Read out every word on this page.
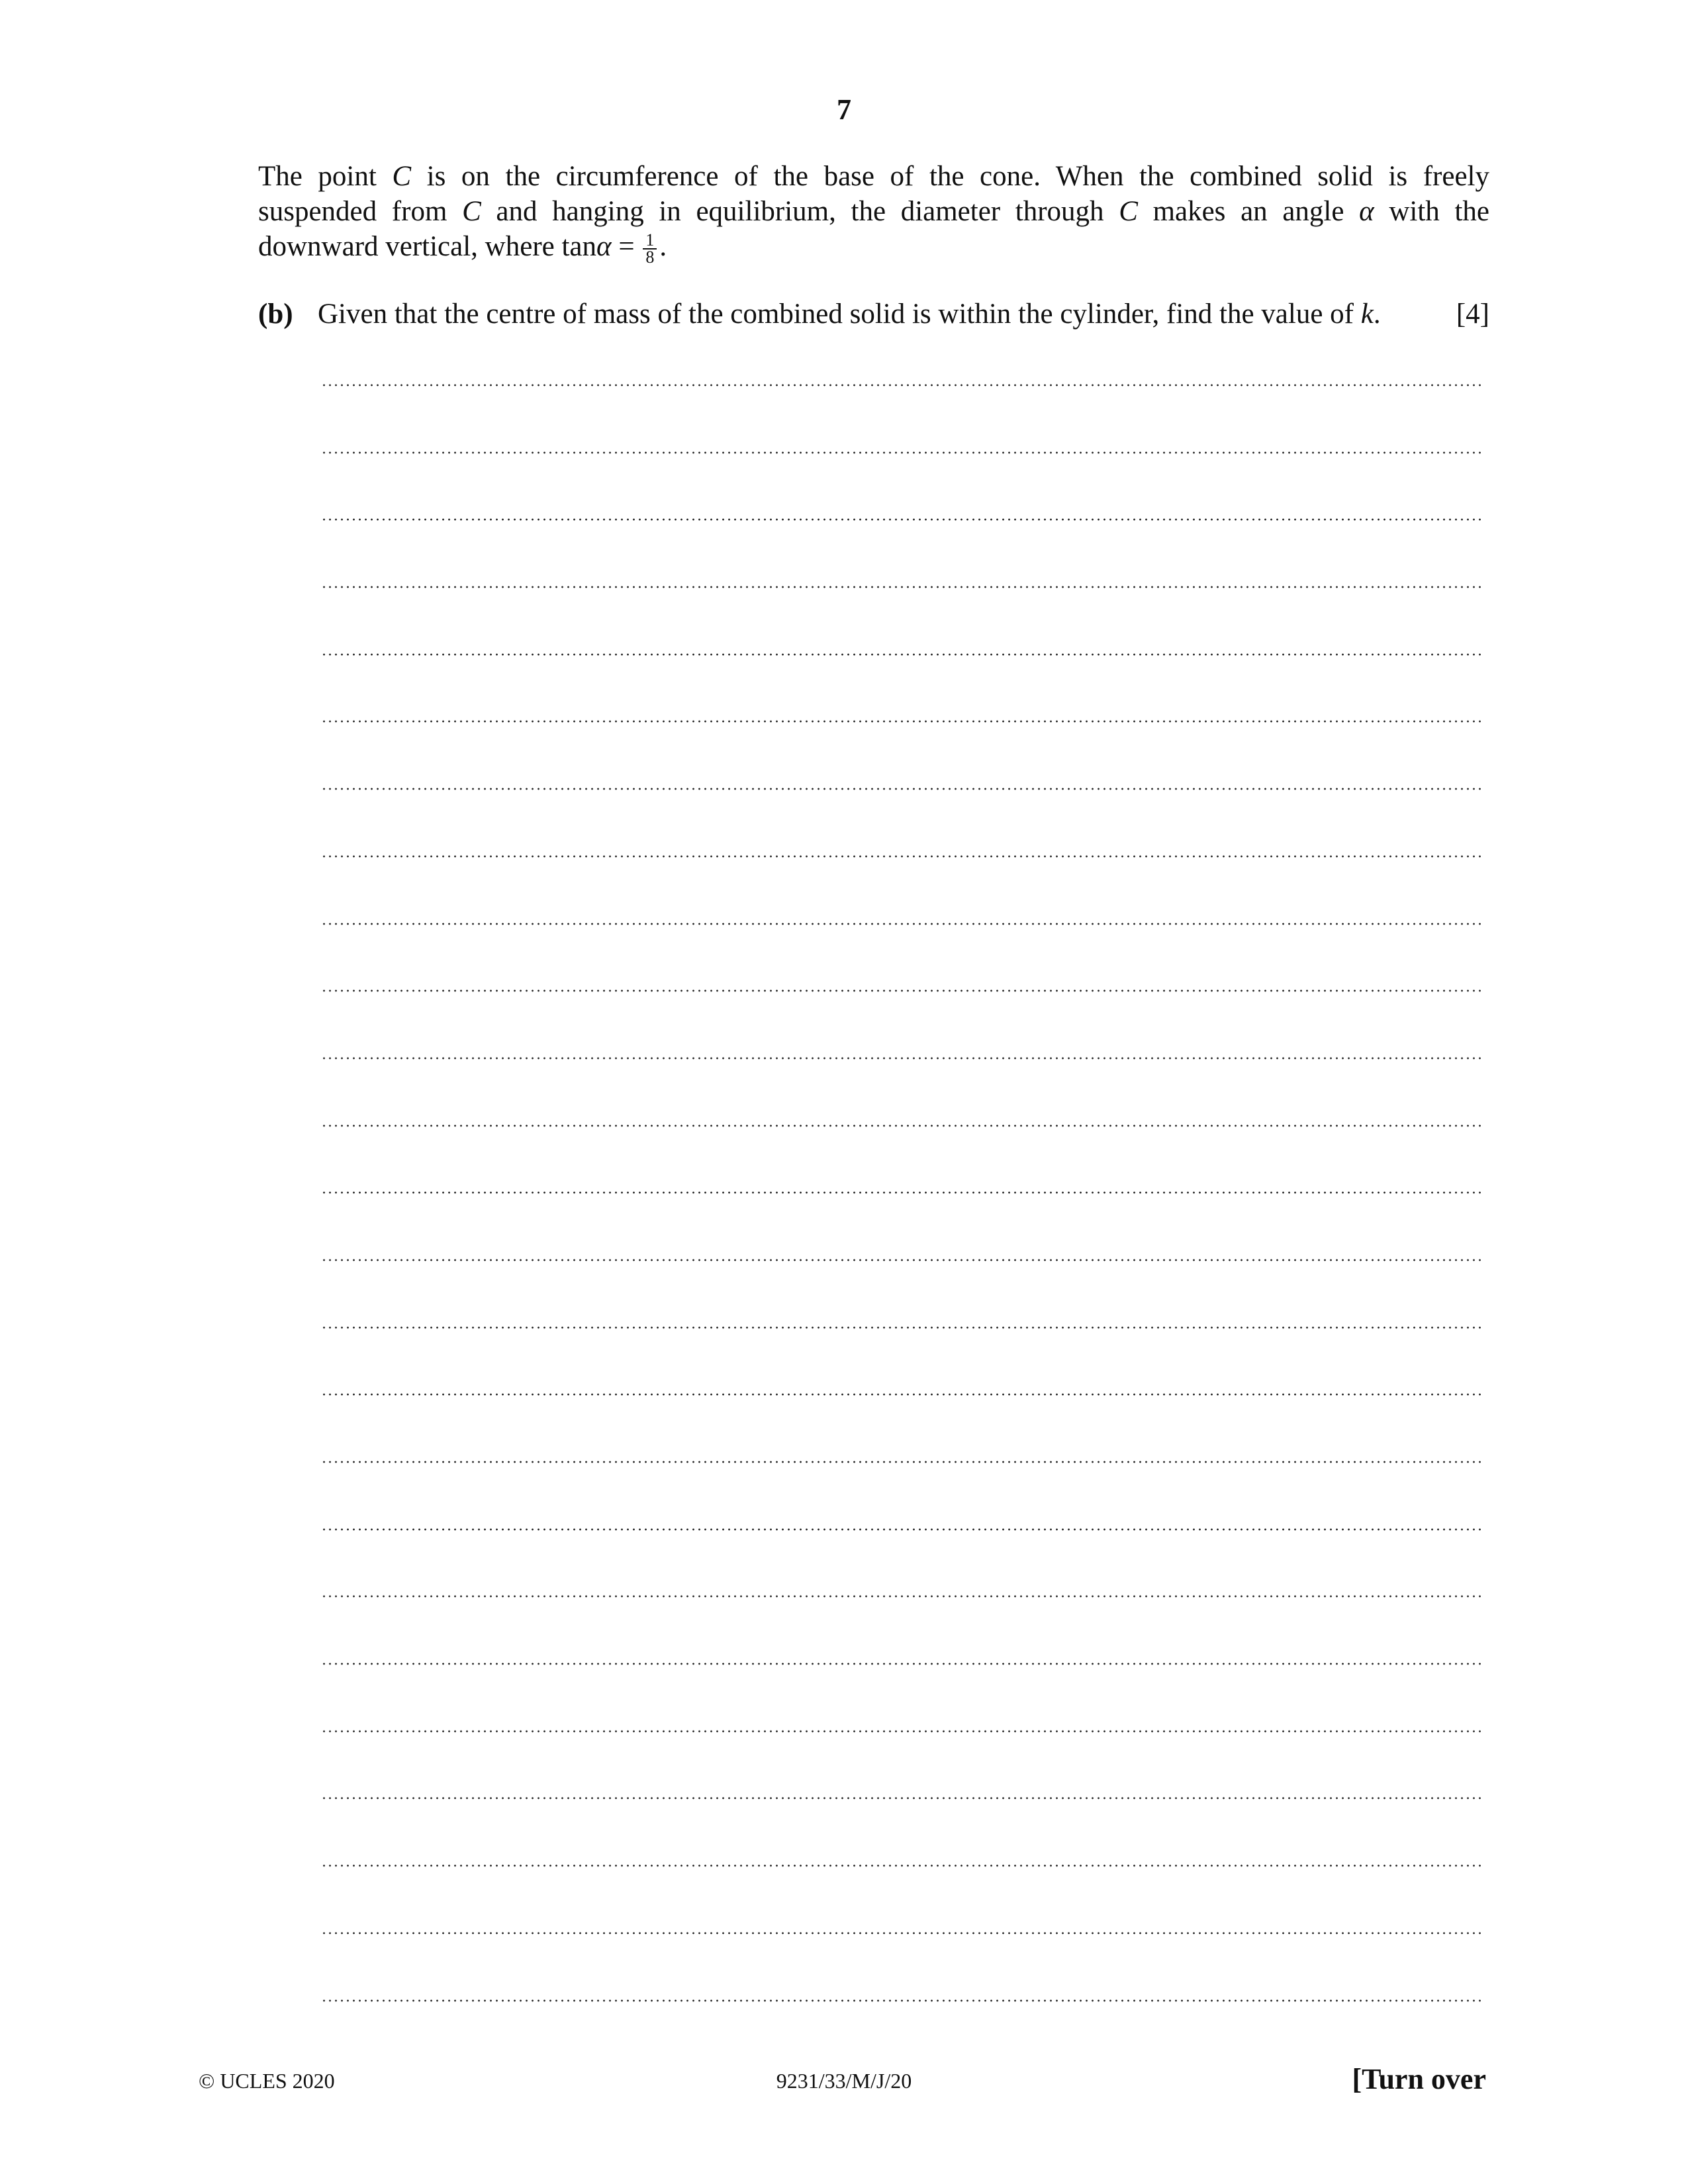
7
The point C is on the circumference of the base of the cone. When the combined solid is freely
suspended from C and hanging in equilibrium, the diameter through C makes an angle α with the
downward vertical, where $\tan\alpha = \frac{1}{8}$ .
(b) Given that the centre of mass of the combined solid is within the cylinder, find the value of k.	[4]
© UCLES 2020	9231/33/M/J/20	[Turn over
